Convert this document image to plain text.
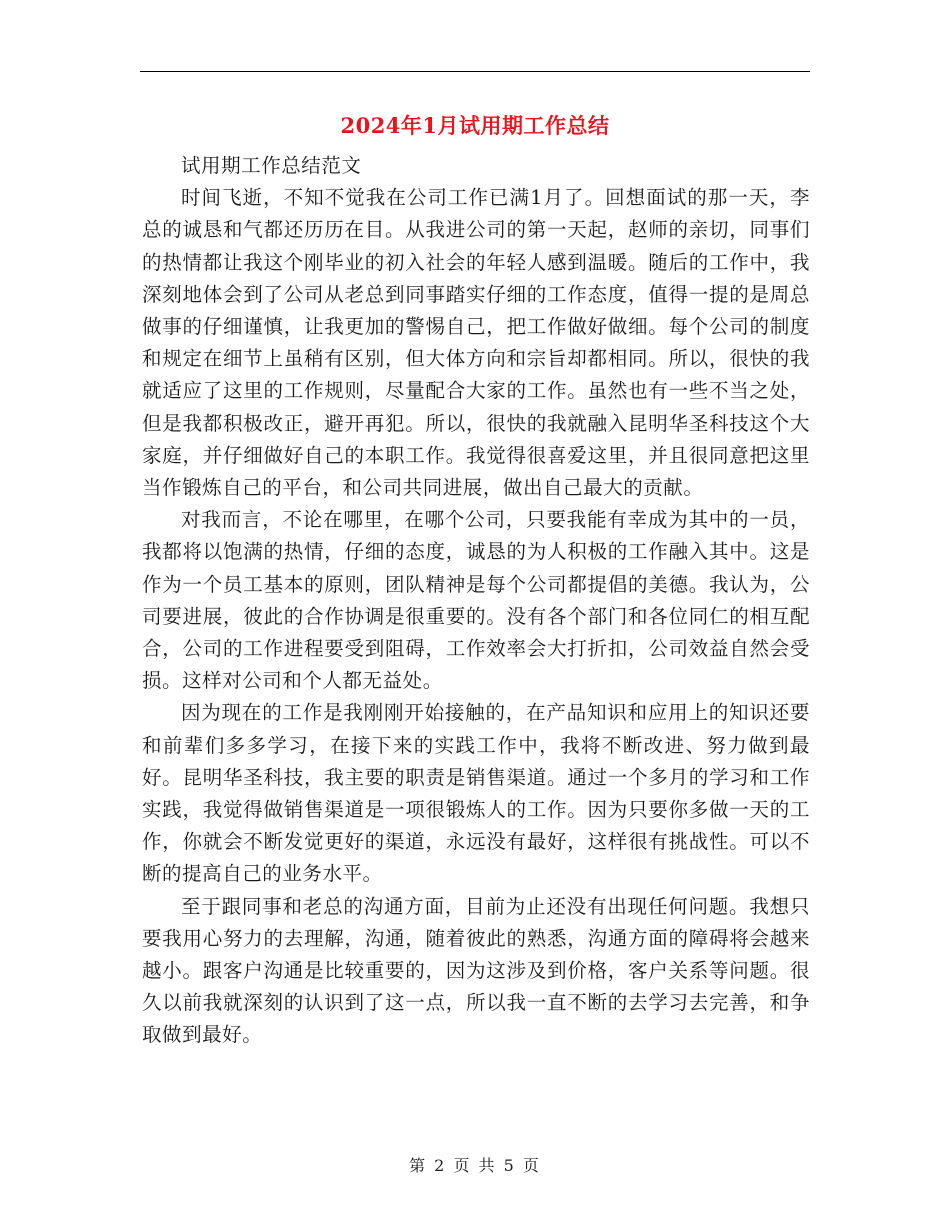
2024年1月试用期工作总结

试用期工作总结范文

时间飞逝，不知不觉我在公司工作已满1月了。回想面试的那一天，李总的诚恳和气都还历历在目。从我进公司的第一天起，赵师的亲切，同事们的热情都让我这个刚毕业的初入社会的年轻人感到温暖。随后的工作中，我深刻地体会到了公司从老总到同事踏实仔细的工作态度，值得一提的是周总做事的仔细谨慎，让我更加的警惕自己，把工作做好做细。每个公司的制度和规定在细节上虽稍有区别，但大体方向和宗旨却都相同。所以，很快的我就适应了这里的工作规则，尽量配合大家的工作。虽然也有一些不当之处，但是我都积极改正，避开再犯。所以，很快的我就融入昆明华圣科技这个大家庭，并仔细做好自己的本职工作。我觉得很喜爱这里，并且很同意把这里当作锻炼自己的平台，和公司共同进展，做出自己最大的贡献。

对我而言，不论在哪里，在哪个公司，只要我能有幸成为其中的一员，我都将以饱满的热情，仔细的态度，诚恳的为人积极的工作融入其中。这是作为一个员工基本的原则，团队精神是每个公司都提倡的美德。我认为，公司要进展，彼此的合作协调是很重要的。没有各个部门和各位同仁的相互配合，公司的工作进程要受到阻碍，工作效率会大打折扣，公司效益自然会受损。这样对公司和个人都无益处。

因为现在的工作是我刚刚开始接触的，在产品知识和应用上的知识还要和前辈们多多学习，在接下来的实践工作中，我将不断改进、努力做到最好。昆明华圣科技，我主要的职责是销售渠道。通过一个多月的学习和工作实践，我觉得做销售渠道是一项很锻炼人的工作。因为只要你多做一天的工作，你就会不断发觉更好的渠道，永远没有最好，这样很有挑战性。可以不断的提高自己的业务水平。

至于跟同事和老总的沟通方面，目前为止还没有出现任何问题。我想只要我用心努力的去理解，沟通，随着彼此的熟悉，沟通方面的障碍将会越来越小。跟客户沟通是比较重要的，因为这涉及到价格，客户关系等问题。很久以前我就深刻的认识到了这一点，所以我一直不断的去学习去完善，和争取做到最好。

第 2 页 共 5 页
